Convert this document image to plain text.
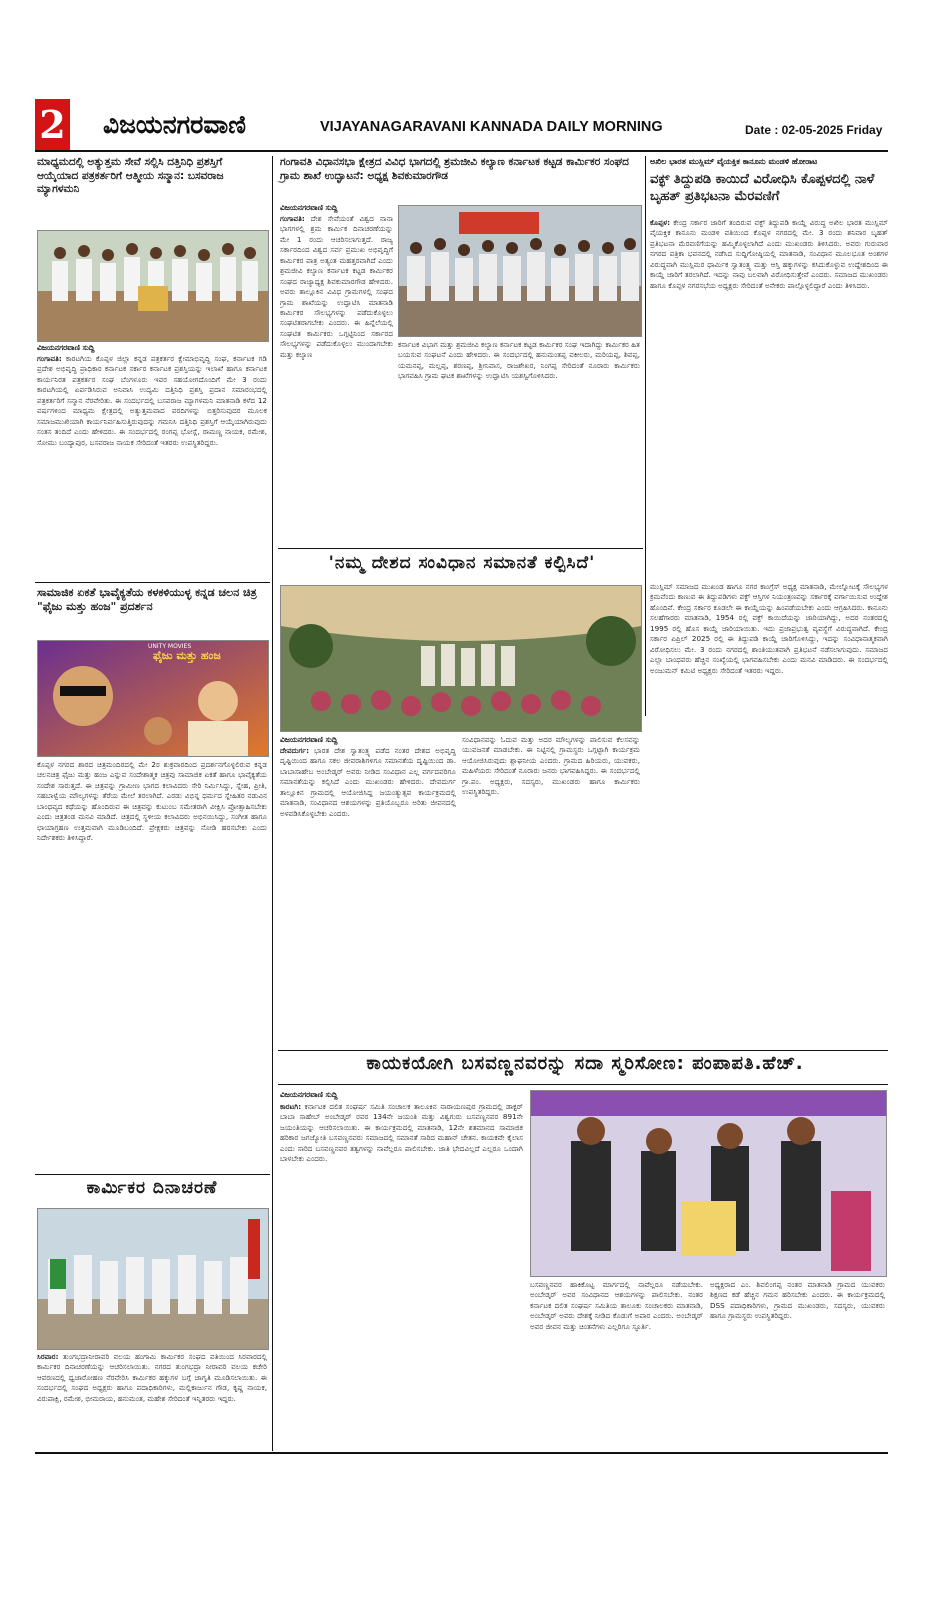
2 ವಿಜಯನಗರವಾಣಿ	VIJAYANAGARAVANI KANNADA DAILY MORNING	Date : 02-05-2025 Friday
ಮಾಧ್ಯಮದಲ್ಲಿ ಅತ್ಯುತ್ತಮ ಸೇವೆ ಸಲ್ಲಿಸಿ ದತ್ತಿನಿಧಿ ಪ್ರಶಸ್ತಿಗೆ ಆಯ್ಕೆಯಾದ ಪತ್ರಕರ್ತರಿಗೆ ಆತ್ಮೀಯ ಸನ್ಮಾನ: ಬಸವರಾಜ ಮ್ಯಾಗಳಮನಿ
ವಿಜಯನಗರವಾಣಿ ಸುದ್ದಿ
ಗಂಗಾವತಿ: ಕಾರಟಗಿಯ ಕೊಪ್ಪಳ ಜಿಲ್ಲಾ ಕನ್ನಡ ಪತ್ರಕರ್ತರ ಕ್ಷೇಮಾಭಿವೃದ್ಧಿ ಸಂಘ, ಕರ್ನಾಟಕ ಗಡಿ ಪ್ರದೇಶ ಅಭಿವೃದ್ಧಿ ಪ್ರಾಧಿಕಾರ ಕರ್ನಾಟಕ ಸರ್ಕಾರ ಕರ್ನಾಟಕ ಪ್ರಶಸ್ತಿಯನ್ನು ಇಲಾಖೆ ಹಾಗೂ ಕರ್ನಾಟಕ ಕಾರ್ಯನಿರತ ಪತ್ರಕರ್ತರ ಸಂಘ ಬೆಂಗಳೂರು ಇವರ ಸಹಯೋಗದೊಂದಿಗೆ ಮೇ 3 ರಂದು ಕಾರಟಗಿಯಲ್ಲಿ ಏರ್ಪಡಿಸಿರುವ ಅನಿವಾಸಿ ಉದ್ಯಮಿ ದತ್ತಿನಿಧಿ ಪ್ರಶಸ್ತಿ ಪ್ರದಾನ ಸಮಾರಂಭದಲ್ಲಿ ಪತ್ರಕರ್ತರಿಗೆ ಸನ್ಮಾನ ನೆರವೇರಿತು. ಈ ಸಂದರ್ಭದಲ್ಲಿ ಬಸವರಾಜ ಮ್ಯಾಗಳಮನಿ ಮಾತನಾಡಿ ಕಳೆದ 12 ವರ್ಷಗಳಿಂದ ಮಾಧ್ಯಮ ಕ್ಷೇತ್ರದಲ್ಲಿ ಅತ್ಯುತ್ತಮವಾದ ವರದಿಗಳನ್ನು ಬಿತ್ತರಿಸುವುದರ ಮೂಲಕ ಸಮಾಜಮುಖಿಯಾಗಿ ಕಾರ್ಯನಿರ್ವಹಿಸುತ್ತಿರುವುದನ್ನು ಗಮನಿಸಿ ದತ್ತಿನಿಧಿ ಪ್ರಶಸ್ತಿಗೆ ಆಯ್ಕೆಯಾಗಿರುವುದು ಸಂತಸ ತಂದಿದೆ ಎಂದು ಹೇಳಿದರು. ಈ ಸಂದರ್ಭದಲ್ಲಿ ರಂಗಪ್ಪ ಭೋಸ್ಲೆ, ರಾಮಣ್ಣ ನಾಯಕ, ರಮೇಶ, ಸೋಮು ಬಂದ್ಯಾಪುರ, ಬಸವರಾಜ ನಾಯಕ ಸೇರಿದಂತೆ ಇತರರು ಉಪಸ್ಥಿತರಿದ್ದರು.
ಗಂಗಾವತಿ ವಿಧಾನಸಭಾ ಕ್ಷೇತ್ರದ ವಿವಿಧ ಭಾಗದಲ್ಲಿ ಶ್ರಮಜೀವಿ ಕಲ್ಯಾಣ ಕರ್ನಾಟಕ ಕಟ್ಟಡ ಕಾರ್ಮಿಕರ ಸಂಘದ ಗ್ರಾಮ ಶಾಖೆ ಉದ್ಘಾಟನೆ: ಅಧ್ಯಕ್ಷ ಶಿವಕುಮಾರಗೌಡ
ವಿಜಯನಗರವಾಣಿ ಸುದ್ದಿ
ಗಂಗಾವತಿ: ದೇಶ ಸೇವೆಯಂತೆ ವಿಶ್ವದ ನಾನಾ ಭಾಗಗಳಲ್ಲಿ ಶ್ರಮ ಕಾರ್ಮಿಕ ದಿನಾಚರಣೆಯನ್ನು ಮೇ 1 ರಂದು ಆಚರಿಸಲಾಗುತ್ತದೆ. ರಾಜ್ಯ ಸರ್ಕಾರದಿಂದ ವಿಶ್ವದ ಸರ್ವ ಪ್ರಮುಖ ಅಭಿವೃದ್ಧಿಗೆ ಕಾರ್ಮಿಕರ ಪಾತ್ರ ಅತ್ಯಂತ ಮಹತ್ತರವಾಗಿದೆ ಎಂದು ಶ್ರಮಜೀವಿ ಕಲ್ಯಾಣ ಕರ್ನಾಟಕ ಕಟ್ಟಡ ಕಾರ್ಮಿಕರ ಸಂಘದ ರಾಜ್ಯಾಧ್ಯಕ್ಷ ಶಿವಕುಮಾರಗೌಡ ಹೇಳಿದರು. ಅವರು ತಾಲ್ಲೂಕಿನ ವಿವಿಧ ಗ್ರಾಮಗಳಲ್ಲಿ ಸಂಘದ ಗ್ರಾಮ ಶಾಖೆಯನ್ನು ಉದ್ಘಾಟಿಸಿ ಮಾತನಾಡಿ ಕಾರ್ಮಿಕರ ಸೌಲಭ್ಯಗಳನ್ನು ಪಡೆದುಕೊಳ್ಳಲು ಸಂಘಟಿತರಾಗಬೇಕು ಎಂದರು. ಈ ಹಿನ್ನೆಲೆಯಲ್ಲಿ ಸಂಘಟಿತ ಕಾರ್ಮಿಕರು ಒಗ್ಗಟ್ಟಿನಿಂದ ಸರ್ಕಾರದ ಸೌಲಭ್ಯಗಳನ್ನು ಪಡೆದುಕೊಳ್ಳಲು ಮುಂದಾಗಬೇಕು ಮತ್ತು ಕಲ್ಯಾಣ
ಕರ್ನಾಟಕ ವಿಭಾಗ ಮತ್ತು ಶ್ರಮಜೀವಿ ಕಲ್ಯಾಣ ಕರ್ನಾಟಕ ಕಟ್ಟಡ ಕಾರ್ಮಿಕರ ಸಂಘ ಇದಾಗಿದ್ದು ಕಾರ್ಮಿಕರ ಹಿತ ಬಯಸುವ ಸಂಘಟನೆ ಎಂದು ಹೇಳಿದರು. ಈ ಸಂದರ್ಭದಲ್ಲಿ ಹನುಮಂತಪ್ಪ ವಕೀಲರು, ಮರಿಯಪ್ಪ, ಶಿವಪ್ಪ, ಯಮನಪ್ಪ, ಮಲ್ಲಪ್ಪ, ಶರಣಪ್ಪ, ಶ್ರೀನಿವಾಸ, ರಾಜಶೇಖರ, ನಿಂಗಪ್ಪ ಸೇರಿದಂತೆ ನೂರಾರು ಕಾರ್ಮಿಕರು ಭಾಗವಹಿಸಿ ಗ್ರಾಮ ಘಟಕ ಶಾಖೆಗಳನ್ನು ಉದ್ಘಾಟಿಸಿ ಯಶಸ್ವಿಗೊಳಿಸಿದರು.
ಅಖಿಲ ಭಾರತ ಮುಸ್ಲಿಮ್ ವೈಯಕ್ತಿಕ ಕಾನೂನು ಮಂಡಳಿ ಹೋರಾಟ
ವಕ್ಫ್ ತಿದ್ದುಪಡಿ ಕಾಯಿದೆ ವಿರೋಧಿಸಿ ಕೊಪ್ಪಳದಲ್ಲಿ ನಾಳೆ ಬೃಹತ್ ಪ್ರತಿಭಟನಾ ಮೆರವಣಿಗೆ
ಕೊಪ್ಪಳ: ಕೇಂದ್ರ ಸರ್ಕಾರ ಜಾರಿಗೆ ತಂದಿರುವ ವಕ್ಫ್ ತಿದ್ದುಪಡಿ ಕಾಯ್ದೆ ವಿರುದ್ಧ ಅಖಿಲ ಭಾರತ ಮುಸ್ಲಿಮ್ ವೈಯಕ್ತಿಕ ಕಾನೂನು ಮಂಡಳಿ ವತಿಯಿಂದ ಕೊಪ್ಪಳ ನಗರದಲ್ಲಿ ಮೇ. 3 ರಂದು ಶನಿವಾರ ಬೃಹತ್ ಪ್ರತಿಭಟನಾ ಮೆರವಣಿಗೆಯನ್ನು ಹಮ್ಮಿಕೊಳ್ಳಲಾಗಿದೆ ಎಂದು ಮುಖಂಡರು ತಿಳಿಸಿದರು. ಅವರು ಗುರುವಾರ ನಗರದ ಪತ್ರಿಕಾ ಭವನದಲ್ಲಿ ನಡೆಸಿದ ಸುದ್ದಿಗೋಷ್ಠಿಯಲ್ಲಿ ಮಾತನಾಡಿ, ಸಂವಿಧಾನ ಮೂಲಭೂತ ಅಂಶಗಳ ವಿರುದ್ಧವಾಗಿ ಮುಸ್ಲಿಮರ ಧಾರ್ಮಿಕ ಸ್ವಾತಂತ್ರ್ಯ ಮತ್ತು ಆಸ್ತಿ ಹಕ್ಕುಗಳನ್ನು ಕಸಿದುಕೊಳ್ಳುವ ಉದ್ದೇಶದಿಂದ ಈ ಕಾಯ್ದೆ ಜಾರಿಗೆ ತರಲಾಗಿದೆ. ಇದನ್ನು ನಾವು ಬಲವಾಗಿ ವಿರೋಧಿಸುತ್ತೇವೆ ಎಂದರು. ಸಮಾಜದ ಮುಖಂಡರು ಹಾಗೂ ಕೊಪ್ಪಳ ನಗರಸಭೆಯ ಅಧ್ಯಕ್ಷರು ಸೇರಿದಂತೆ ಅನೇಕರು ಪಾಲ್ಗೊಳ್ಳಲಿದ್ದಾರೆ ಎಂದು ತಿಳಿಸಿದರು.
ಮುಸ್ಲಿಮ್ ಸಮಾಜದ ಮುಖಂಡ ಹಾಗೂ ನಗರ ಕಾಂಗ್ರೆಸ್ ಅಧ್ಯಕ್ಷ ಮಾತನಾಡಿ, ಮೇಲ್ನೋಟಕ್ಕೆ ಸೌಲಭ್ಯಗಳ ಕ್ರಮವೆಂದು ಕಾಣುವ ಈ ತಿದ್ದುಪಡಿಗಳು ವಕ್ಫ್ ಆಸ್ತಿಗಳ ನಿಯಂತ್ರಣವನ್ನು ಸರ್ಕಾರಕ್ಕೆ ವರ್ಗಾಯಿಸುವ ಉದ್ದೇಶ ಹೊಂದಿವೆ. ಕೇಂದ್ರ ಸರ್ಕಾರ ಕೂಡಲೇ ಈ ಕಾಯ್ದೆಯನ್ನು ಹಿಂಪಡೆಯಬೇಕು ಎಂದು ಆಗ್ರಹಿಸಿದರು. ಕಾನೂನು ಸಲಹೆಗಾರರು ಮಾತನಾಡಿ, 1954 ರಲ್ಲಿ ವಕ್ಫ್ ಕಾಯಿದೆಯನ್ನು ಜಾರಿಯಾಗಿದ್ದು, ಅದರ ನಂತರದಲ್ಲಿ 1995 ರಲ್ಲಿ ಹೊಸ ಕಾಯ್ದೆ ಜಾರಿಯಾಯಿತು. ಇದು ಪ್ರಜಾಪ್ರಭುತ್ವ ವ್ಯವಸ್ಥೆಗೆ ವಿರುದ್ಧವಾಗಿದೆ. ಕೇಂದ್ರ ಸರ್ಕಾರ ಏಪ್ರಿಲ್ 2025 ರಲ್ಲಿ ಈ ತಿದ್ದುಪಡಿ ಕಾಯ್ದೆ ಜಾರಿಗೊಳಿಸಿದ್ದು, ಇದನ್ನು ಸಂವಿಧಾನಾತ್ಮಕವಾಗಿ ವಿರೋಧಿಸಲು ಮೇ. 3 ರಂದು ನಗರದಲ್ಲಿ ಶಾಂತಿಯುತವಾಗಿ ಪ್ರತಿಭಟನೆ ನಡೆಸಲಾಗುವುದು. ಸಮಾಜದ ಎಲ್ಲಾ ಬಾಂಧವರು ಹೆಚ್ಚಿನ ಸಂಖ್ಯೆಯಲ್ಲಿ ಭಾಗವಹಿಸಬೇಕು ಎಂದು ಮನವಿ ಮಾಡಿದರು. ಈ ಸಂದರ್ಭದಲ್ಲಿ ಅಂಜುಮನ್ ಕಮಿಟಿ ಅಧ್ಯಕ್ಷರು ಸೇರಿದಂತೆ ಇತರರು ಇದ್ದರು.
'ನಮ್ಮ ದೇಶದ ಸಂವಿಧಾನ ಸಮಾನತೆ ಕಲ್ಪಿಸಿದೆ'
ವಿಜಯನಗರವಾಣಿ ಸುದ್ದಿ
ದೇವದುರ್ಗ: ಭಾರತ ದೇಶ ಸ್ವಾತಂತ್ರ್ಯ ಪಡೆದ ನಂತರ ದೇಶದ ಅಭಿವೃದ್ಧಿ ದೃಷ್ಟಿಯಿಂದ ಹಾಗೂ ಸಕಲ ಜೀವರಾಶಿಗಳಿಗೂ ಸಮಾನತೆಯ ದೃಷ್ಟಿಯಿಂದ ಡಾ. ಬಾಬಾಸಾಹೇಬ ಅಂಬೇಡ್ಕರ್ ಅವರು ನೀಡಿದ ಸಂವಿಧಾನ ಎಲ್ಲ ವರ್ಗದವರಿಗೂ ಸಮಾನತೆಯನ್ನು ಕಲ್ಪಿಸಿದೆ ಎಂದು ಮುಖಂಡರು ಹೇಳಿದರು. ದೇವದುರ್ಗ ತಾಲ್ಲೂಕಿನ ಗ್ರಾಮದಲ್ಲಿ ಆಯೋಜಿಸಿದ್ದ ಜಯಂತ್ಯುತ್ಸವ ಕಾರ್ಯಕ್ರಮದಲ್ಲಿ ಮಾತನಾಡಿ, ಸಂವಿಧಾನದ ಆಶಯಗಳನ್ನು ಪ್ರತಿಯೊಬ್ಬರೂ ಅರಿತು ಜೀವನದಲ್ಲಿ ಅಳವಡಿಸಿಕೊಳ್ಳಬೇಕು ಎಂದರು.
ಸಂವಿಧಾನವನ್ನು ಓದುವ ಮತ್ತು ಅದರ ಮೌಲ್ಯಗಳನ್ನು ಪಾಲಿಸುವ ಕೆಲಸವನ್ನು ಯುವಜನತೆ ಮಾಡಬೇಕು. ಈ ನಿಟ್ಟಿನಲ್ಲಿ ಗ್ರಾಮಸ್ಥರು ಒಗ್ಗಟ್ಟಾಗಿ ಕಾರ್ಯಕ್ರಮ ಆಯೋಜಿಸಿರುವುದು ಶ್ಲಾಘನೀಯ ಎಂದರು. ಗ್ರಾಮದ ಹಿರಿಯರು, ಯುವಕರು, ಮಹಿಳೆಯರು ಸೇರಿದಂತೆ ನೂರಾರು ಜನರು ಭಾಗವಹಿಸಿದ್ದರು. ಈ ಸಂದರ್ಭದಲ್ಲಿ ಗ್ರಾ.ಪಂ. ಅಧ್ಯಕ್ಷರು, ಸದಸ್ಯರು, ಮುಖಂಡರು ಹಾಗೂ ಕಾರ್ಮಿಕರು ಉಪಸ್ಥಿತರಿದ್ದರು.
ಸಾಮಾಜಿಕ ಏಕತೆ ಭಾವೈಕ್ಯತೆಯ ಕಳಕಳಿಯುಳ್ಳ ಕನ್ನಡ ಚಲನ ಚಿತ್ರ "ಫೈಜು ಮತ್ತು ಹಂಜ" ಪ್ರದರ್ಶನ
ಫೈಜು ಮತ್ತು ಹಂಜ
UNITY MOVIES
ಕೊಪ್ಪಳ ನಗರದ ಶಾರದ ಚಿತ್ರಮಂದಿರದಲ್ಲಿ ಮೇ 2ರ ಶುಕ್ರವಾರದಿಂದ ಪ್ರದರ್ಶನಗೊಳ್ಳಲಿರುವ ಕನ್ನಡ ಚಲನಚಿತ್ರ ಫೈಜು ಮತ್ತು ಹಂಜ ಎನ್ನುವ ಸಂದೇಶಾತ್ಮಕ ಚಿತ್ರವು ಸಾಮಾಜಿಕ ಏಕತೆ ಹಾಗೂ ಭಾವೈಕ್ಯತೆಯ ಸಂದೇಶ ಸಾರುತ್ತದೆ. ಈ ಚಿತ್ರವನ್ನು ಗ್ರಾಮೀಣ ಭಾಗದ ಕಲಾವಿದರು ಸೇರಿ ನಿರ್ಮಿಸಿದ್ದು, ಸ್ನೇಹ, ಪ್ರೀತಿ, ಸಹಬಾಳ್ವೆಯ ಮೌಲ್ಯಗಳನ್ನು ತೆರೆಯ ಮೇಲೆ ತರಲಾಗಿದೆ. ಎರಡು ವಿಭಿನ್ನ ಧರ್ಮದ ಸ್ನೇಹಿತರ ನಡುವಿನ ಬಾಂಧವ್ಯದ ಕಥೆಯನ್ನು ಹೊಂದಿರುವ ಈ ಚಿತ್ರವನ್ನು ಕುಟುಂಬ ಸಮೇತರಾಗಿ ವೀಕ್ಷಿಸಿ ಪ್ರೋತ್ಸಾಹಿಸಬೇಕು ಎಂದು ಚಿತ್ರತಂಡ ಮನವಿ ಮಾಡಿದೆ. ಚಿತ್ರದಲ್ಲಿ ಸ್ಥಳೀಯ ಕಲಾವಿದರು ಅಭಿನಯಿಸಿದ್ದು, ಸಂಗೀತ ಹಾಗೂ ಛಾಯಾಗ್ರಹಣ ಉತ್ತಮವಾಗಿ ಮೂಡಿಬಂದಿದೆ. ಪ್ರೇಕ್ಷಕರು ಚಿತ್ರವನ್ನು ನೋಡಿ ಹರಸಬೇಕು ಎಂದು ನಿರ್ದೇಶಕರು ತಿಳಿಸಿದ್ದಾರೆ.
ಕಾಯಕಯೋಗಿ ಬಸವಣ್ಣನವರನ್ನು ಸದಾ ಸ್ಮರಿಸೋಣ: ಪಂಪಾಪತಿ.ಹೆಚ್.
ವಿಜಯನಗರವಾಣಿ ಸುದ್ದಿ
ಕಾರಟಗಿ: ಕರ್ನಾಟಕ ದಲಿತ ಸಂಘರ್ಷ ಸಮಿತಿ ಸಂಚಾಲಕ ತಾಲೂಕಿನ ನಾರಾಯಣಪುರ ಗ್ರಾಮದಲ್ಲಿ ಡಾಕ್ಟರ್ ಬಾಬಾ ಸಾಹೇಬ್ ಅಂಬೇಡ್ಕರ್ ರವರ 134ನೇ ಜಯಂತಿ ಮತ್ತು ವಿಶ್ವಗುರು ಬಸವಣ್ಣನವರ 891ನೇ ಜಯಂತಿಯನ್ನು ಆಚರಿಸಲಾಯಿತು. ಈ ಕಾರ್ಯಕ್ರಮದಲ್ಲಿ ಮಾತನಾಡಿ, 12ನೇ ಶತಮಾನದ ಸಾಮಾಜಿಕ ಹರಿಕಾರ ಜಗಜ್ಯೋತಿ ಬಸವಣ್ಣನವರು ಸಮಾಜದಲ್ಲಿ ಸಮಾನತೆ ಸಾರಿದ ಮಹಾನ್ ಚೇತನ. ಕಾಯಕವೇ ಕೈಲಾಸ ಎಂದು ಸಾರಿದ ಬಸವಣ್ಣನವರ ತತ್ವಗಳನ್ನು ನಾವೆಲ್ಲರೂ ಪಾಲಿಸಬೇಕು. ಜಾತಿ ಭೇದವಿಲ್ಲದೆ ಎಲ್ಲರೂ ಒಂದಾಗಿ ಬಾಳಬೇಕು ಎಂದರು.
ಬಸವಣ್ಣನವರ ಹಾಕಿಕೊಟ್ಟ ಮಾರ್ಗದಲ್ಲಿ ನಾವೆಲ್ಲರೂ ನಡೆಯಬೇಕು. ಅಂಬೇಡ್ಕರ್ ಅವರ ಸಂವಿಧಾನದ ಆಶಯಗಳನ್ನು ಪಾಲಿಸಬೇಕು. ನಂತರ ಕರ್ನಾಟಕ ದಲಿತ ಸಂಘರ್ಷ ಸಮಿತಿಯ ತಾಲೂಕು ಸಂಚಾಲಕರು ಮಾತನಾಡಿ, ಅಂಬೇಡ್ಕರ್ ಅವರು ದೇಶಕ್ಕೆ ನೀಡಿದ ಕೊಡುಗೆ ಅಪಾರ ಎಂದರು. ಅಂಬೇಡ್ಕರ್ ಅವರ ಜೀವನ ಮತ್ತು ಚಿಂತನೆಗಳು ಎಲ್ಲರಿಗೂ ಸ್ಫೂರ್ತಿ.
ಅಧ್ಯಕ್ಷರಾದ ಎಂ. ಶಿವಲಿಂಗಪ್ಪ ನಂತರ ಮಾತನಾಡಿ ಗ್ರಾಮದ ಯುವಕರು ಶಿಕ್ಷಣದ ಕಡೆ ಹೆಚ್ಚಿನ ಗಮನ ಹರಿಸಬೇಕು ಎಂದರು. ಈ ಕಾರ್ಯಕ್ರಮದಲ್ಲಿ DSS ಪದಾಧಿಕಾರಿಗಳು, ಗ್ರಾಮದ ಮುಖಂಡರು, ಸದಸ್ಯರು, ಯುವಕರು ಹಾಗೂ ಗ್ರಾಮಸ್ಥರು ಉಪಸ್ಥಿತರಿದ್ದರು.
ಕಾರ್ಮಿಕರ ದಿನಾಚರಣೆ
ಸಿರವಾರ: ತುಂಗಭದ್ರಾನೀರಾವರಿ ವಲಯ ಹಂಗಾಮಿ ಕಾರ್ಮಿಕರ ಸಂಘದ ವತಿಯಿಂದ ಸಿರವಾರದಲ್ಲಿ ಕಾರ್ಮಿಕರ ದಿನಾಚರಣೆಯನ್ನು ಆಚರಿಸಲಾಯಿತು. ನಗರದ ತುಂಗಭದ್ರಾ ನೀರಾವರಿ ವಲಯ ಕಚೇರಿ ಆವರಣದಲ್ಲಿ ಧ್ವಜಾರೋಹಣ ನೆರವೇರಿಸಿ ಕಾರ್ಮಿಕರ ಹಕ್ಕುಗಳ ಬಗ್ಗೆ ಜಾಗೃತಿ ಮೂಡಿಸಲಾಯಿತು. ಈ ಸಂದರ್ಭದಲ್ಲಿ ಸಂಘದ ಅಧ್ಯಕ್ಷರು ಹಾಗೂ ಪದಾಧಿಕಾರಿಗಳು, ಮಲ್ಲಿಕಾರ್ಜುನ ಗೌಡ, ಕೃಷ್ಣ ನಾಯಕ, ವಿರುಪಾಕ್ಷಿ, ರಮೇಶ, ಭೀಮರಾಯ, ಹನುಮಂತ, ಮಹೇಶ ಸೇರಿದಂತೆ ಇನ್ನಿತರರು ಇದ್ದರು.
